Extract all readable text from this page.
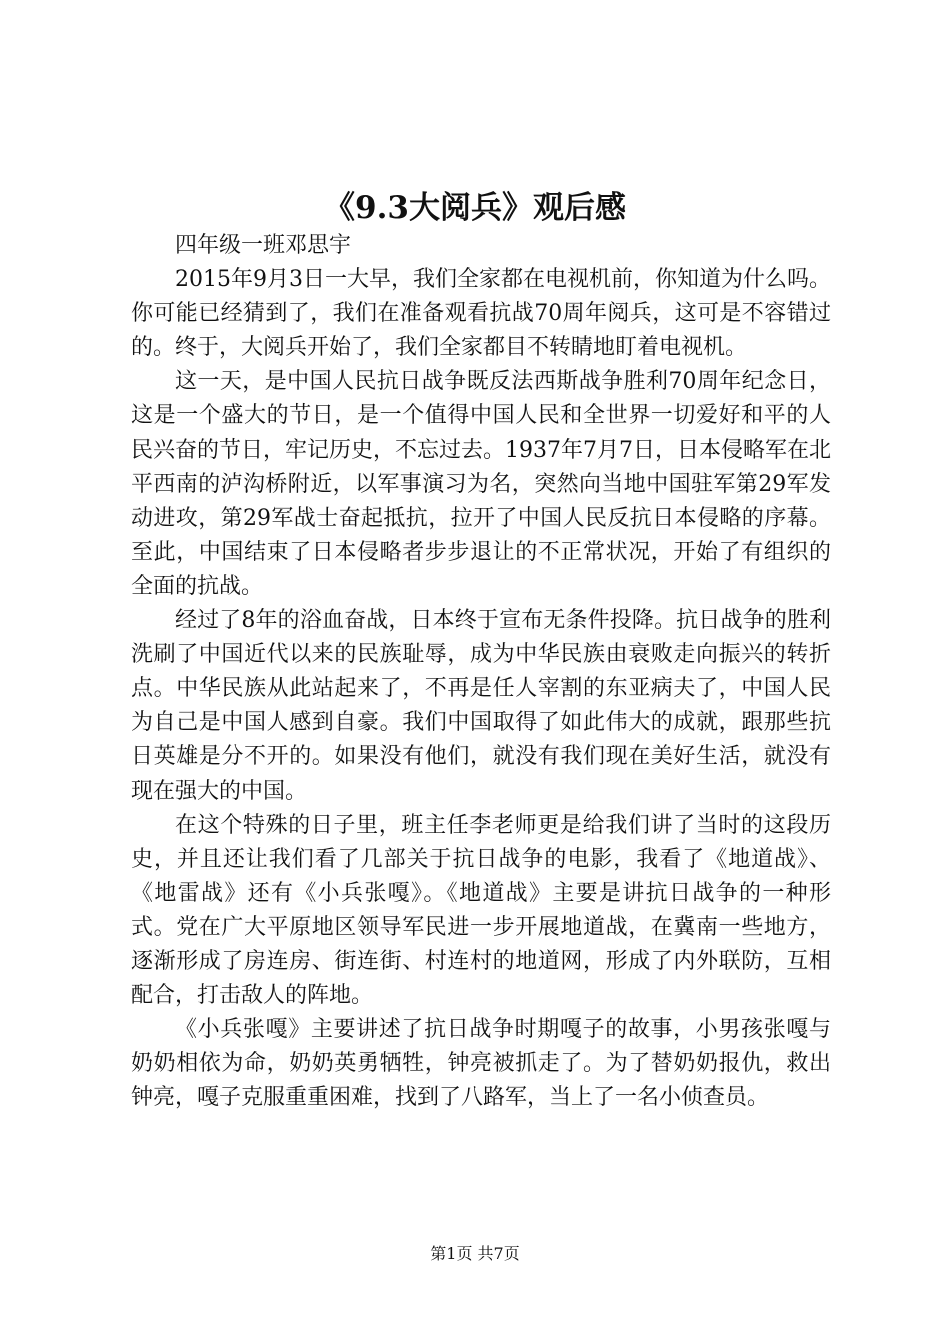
《9.3大阅兵》观后感

四年级一班邓思宇

2015年9月3日一大早，我们全家都在电视机前，你知道为什么吗。你可能已经猜到了，我们在准备观看抗战70周年阅兵，这可是不容错过的。终于，大阅兵开始了，我们全家都目不转睛地盯着电视机。

这一天，是中国人民抗日战争既反法西斯战争胜利70周年纪念日，这是一个盛大的节日，是一个值得中国人民和全世界一切爱好和平的人民兴奋的节日，牢记历史，不忘过去。1937年7月7日，日本侵略军在北平西南的泸沟桥附近，以军事演习为名，突然向当地中国驻军第29军发动进攻，第29军战士奋起抵抗，拉开了中国人民反抗日本侵略的序幕。至此，中国结束了日本侵略者步步退让的不正常状况，开始了有组织的全面的抗战。

经过了8年的浴血奋战，日本终于宣布无条件投降。抗日战争的胜利洗刷了中国近代以来的民族耻辱，成为中华民族由衰败走向振兴的转折点。中华民族从此站起来了，不再是任人宰割的东亚病夫了，中国人民为自己是中国人感到自豪。我们中国取得了如此伟大的成就，跟那些抗日英雄是分不开的。如果没有他们，就没有我们现在美好生活，就没有现在强大的中国。

在这个特殊的日子里，班主任李老师更是给我们讲了当时的这段历史，并且还让我们看了几部关于抗日战争的电影，我看了《地道战》、《地雷战》还有《小兵张嘎》。《地道战》主要是讲抗日战争的一种形式。党在广大平原地区领导军民进一步开展地道战，在冀南一些地方，逐渐形成了房连房、街连街、村连村的地道网，形成了内外联防，互相配合，打击敌人的阵地。

《小兵张嘎》主要讲述了抗日战争时期嘎子的故事，小男孩张嘎与奶奶相依为命，奶奶英勇牺牲，钟亮被抓走了。为了替奶奶报仇，救出钟亮，嘎子克服重重困难，找到了八路军，当上了一名小侦查员。

第1页 共7页
